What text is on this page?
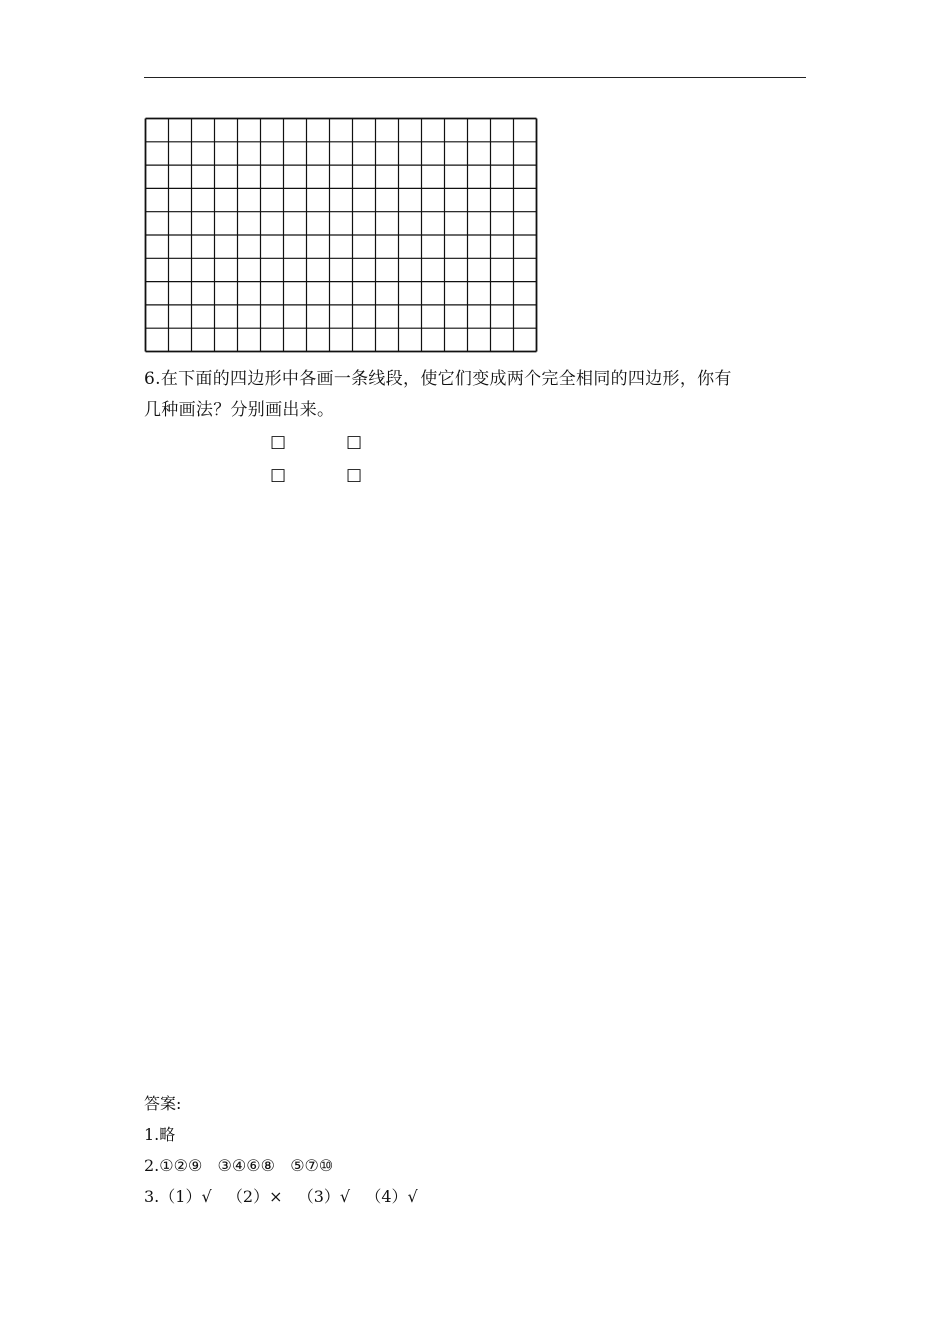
6.在下面的四边形中各画一条线段，使它们变成两个完全相同的四边形，你有
几种画法？分别画出来。
□	□
□	□
答案:
1.略
2.①②⑨   ③④⑥⑧   ⑤⑦⑩
3.（1）√   （2）×   （3）√   （4）√
